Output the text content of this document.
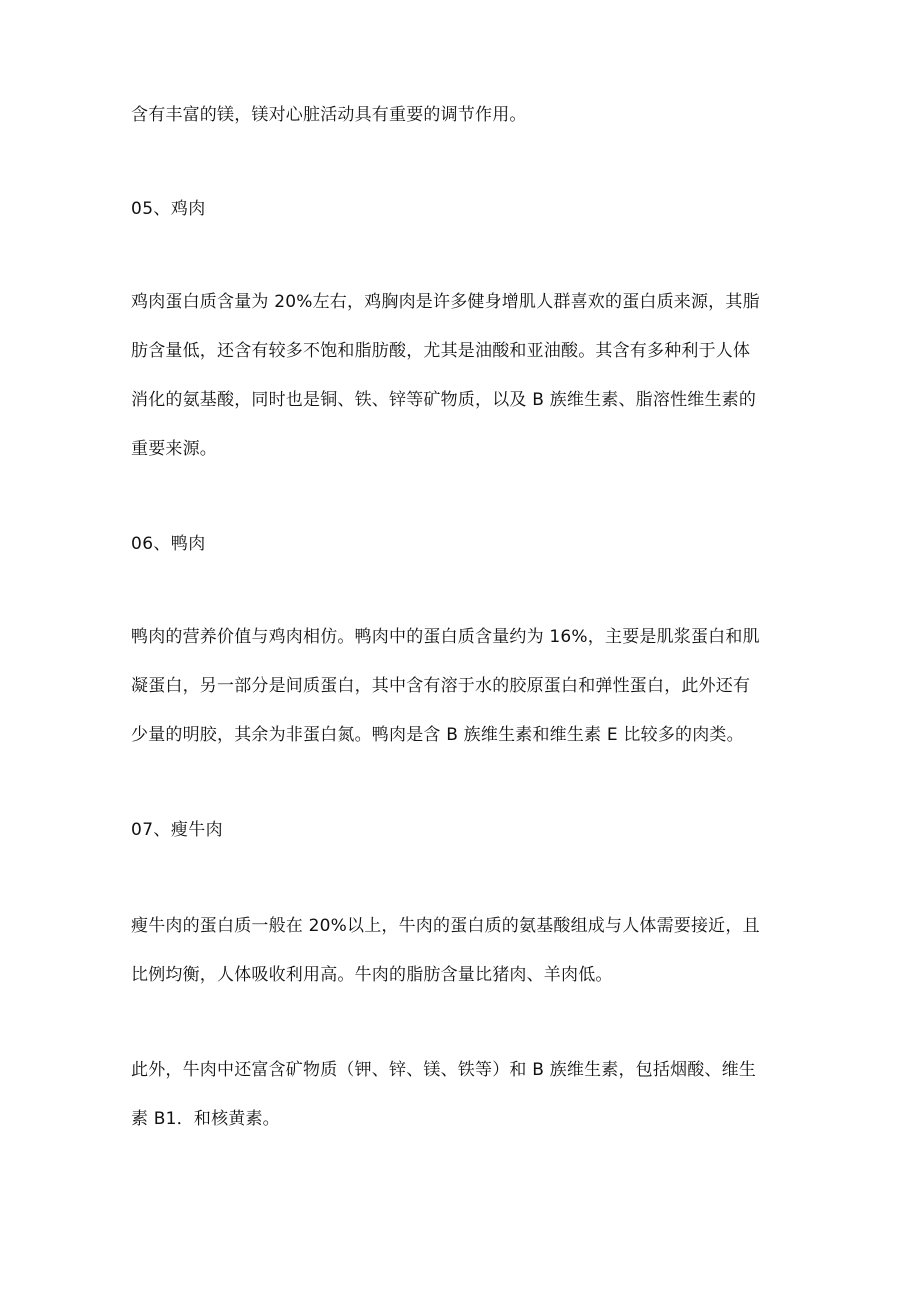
含有丰富的镁，镁对心脏活动具有重要的调节作用。

05、鸡肉

鸡肉蛋白质含量为 20%左右，鸡胸肉是许多健身增肌人群喜欢的蛋白质来源，其脂

肪含量低，还含有较多不饱和脂肪酸，尤其是油酸和亚油酸。其含有多种利于人体

消化的氨基酸，同时也是铜、铁、锌等矿物质，以及 B 族维生素、脂溶性维生素的

重要来源。

06、鸭肉

鸭肉的营养价值与鸡肉相仿。鸭肉中的蛋白质含量约为 16%，主要是肌浆蛋白和肌

凝蛋白，另一部分是间质蛋白，其中含有溶于水的胶原蛋白和弹性蛋白，此外还有

少量的明胶，其余为非蛋白氮。鸭肉是含 B 族维生素和维生素 E 比较多的肉类。

07、瘦牛肉

瘦牛肉的蛋白质一般在 20%以上，牛肉的蛋白质的氨基酸组成与人体需要接近，且

比例均衡，人体吸收利用高。牛肉的脂肪含量比猪肉、羊肉低。

此外，牛肉中还富含矿物质（钾、锌、镁、铁等）和 B 族维生素，包括烟酸、维生

素 B1．和核黄素。
